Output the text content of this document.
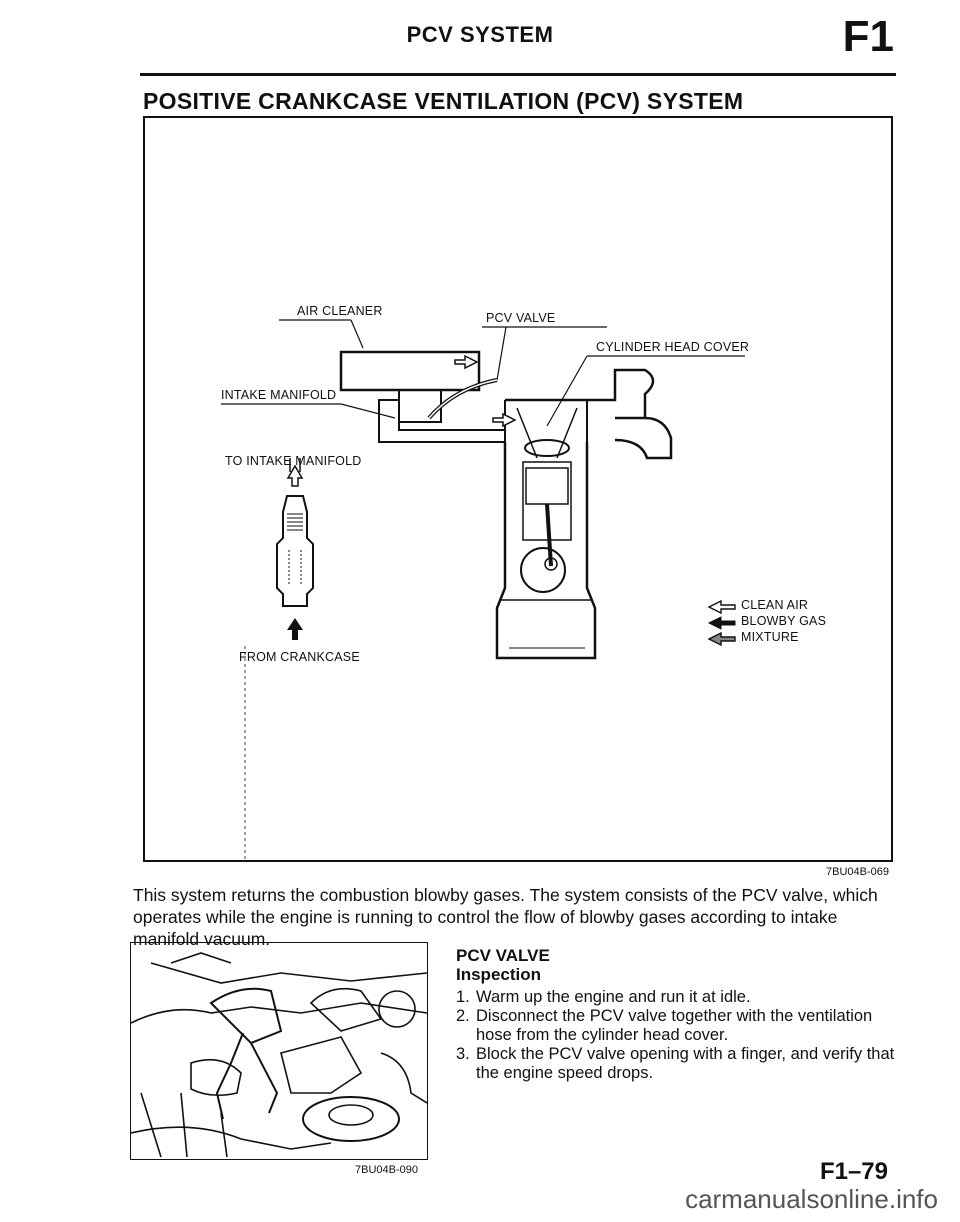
PCV SYSTEM	F1
POSITIVE CRANKCASE VENTILATION (PCV) SYSTEM
AIR CLEANER	PCV VALVE
CYLINDER HEAD COVER
INTAKE MANIFOLD
TO INTAKE MANIFOLD
FROM CRANKCASE
CLEAN AIR
BLOWBY GAS
MIXTURE
7BU04B-069
This system returns the combustion blowby gases. The system consists of the PCV valve, which operates while the engine is running to control the flow of blowby gases according to intake manifold vacuum.
7BU04B-090
PCV VALVE
Inspection
1. Warm up the engine and run it at idle.
2. Disconnect the PCV valve together with the ventilation hose from the cylinder head cover.
3. Block the PCV valve opening with a finger, and verify that the engine speed drops.
F1–79
carmanualsonline.info
